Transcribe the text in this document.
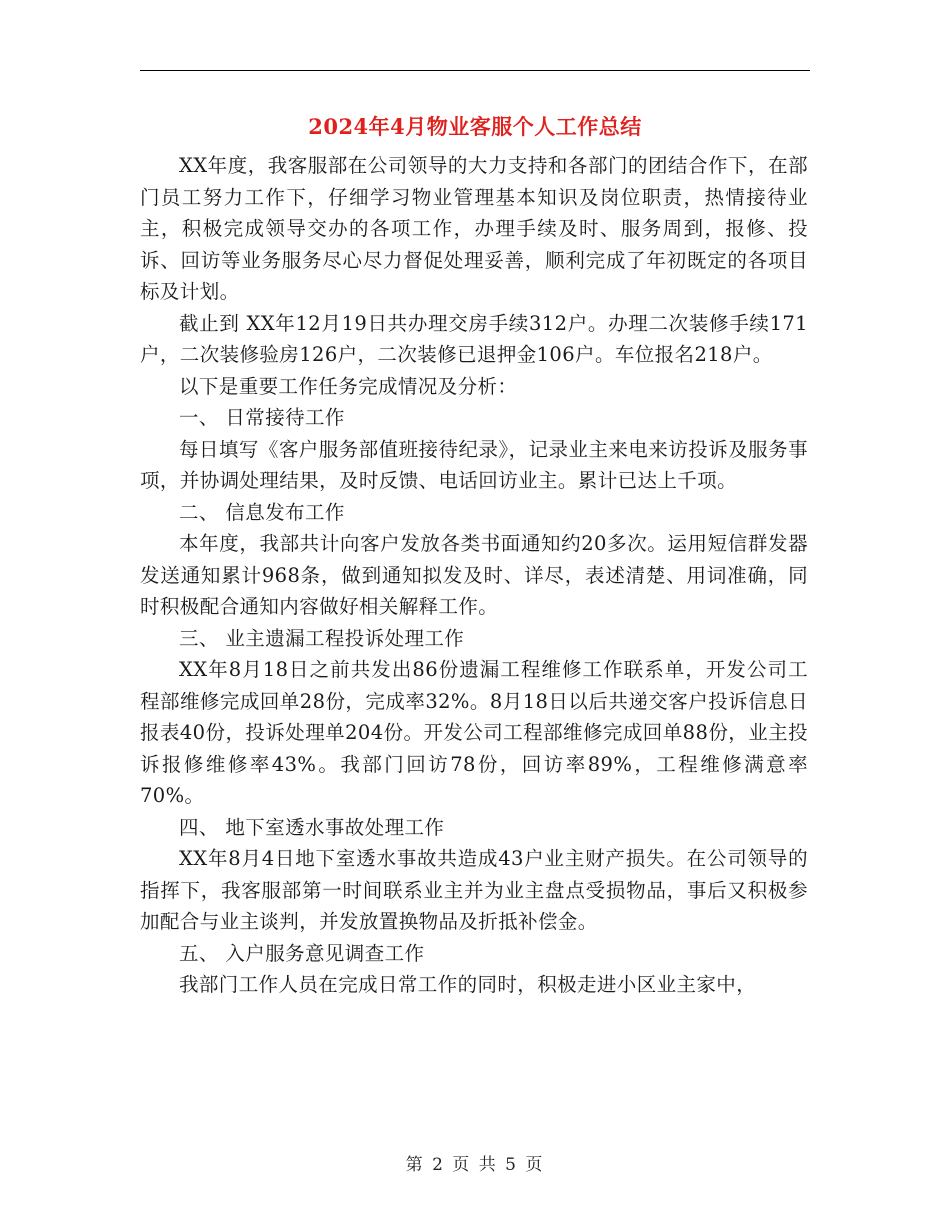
2024年4月物业客服个人工作总结

XX年度，我客服部在公司领导的大力支持和各部门的团结合作下，在部门员工努力工作下，仔细学习物业管理基本知识及岗位职责，热情接待业主，积极完成领导交办的各项工作，办理手续及时、服务周到，报修、投诉、回访等业务服务尽心尽力督促处理妥善，顺利完成了年初既定的各项目标及计划。

截止到 XX年12月19日共办理交房手续312户。办理二次装修手续171户，二次装修验房126户，二次装修已退押金106户。车位报名218户。

以下是重要工作任务完成情况及分析：

一、 日常接待工作

每日填写《客户服务部值班接待纪录》，记录业主来电来访投诉及服务事项，并协调处理结果，及时反馈、电话回访业主。累计已达上千项。

二、 信息发布工作

本年度，我部共计向客户发放各类书面通知约20多次。运用短信群发器发送通知累计968条，做到通知拟发及时、详尽，表述清楚、用词准确，同时积极配合通知内容做好相关解释工作。

三、 业主遗漏工程投诉处理工作

XX年8月18日之前共发出86份遗漏工程维修工作联系单，开发公司工程部维修完成回单28份，完成率32%。8月18日以后共递交客户投诉信息日报表40份，投诉处理单204份。开发公司工程部维修完成回单88份，业主投诉报修维修率43%。我部门回访78份，回访率89%，工程维修满意率70%。

四、 地下室透水事故处理工作

XX年8月4日地下室透水事故共造成43户业主财产损失。在公司领导的指挥下，我客服部第一时间联系业主并为业主盘点受损物品，事后又积极参加配合与业主谈判，并发放置换物品及折抵补偿金。

五、 入户服务意见调查工作

我部门工作人员在完成日常工作的同时，积极走进小区业主家中，

第 2 页 共 5 页
